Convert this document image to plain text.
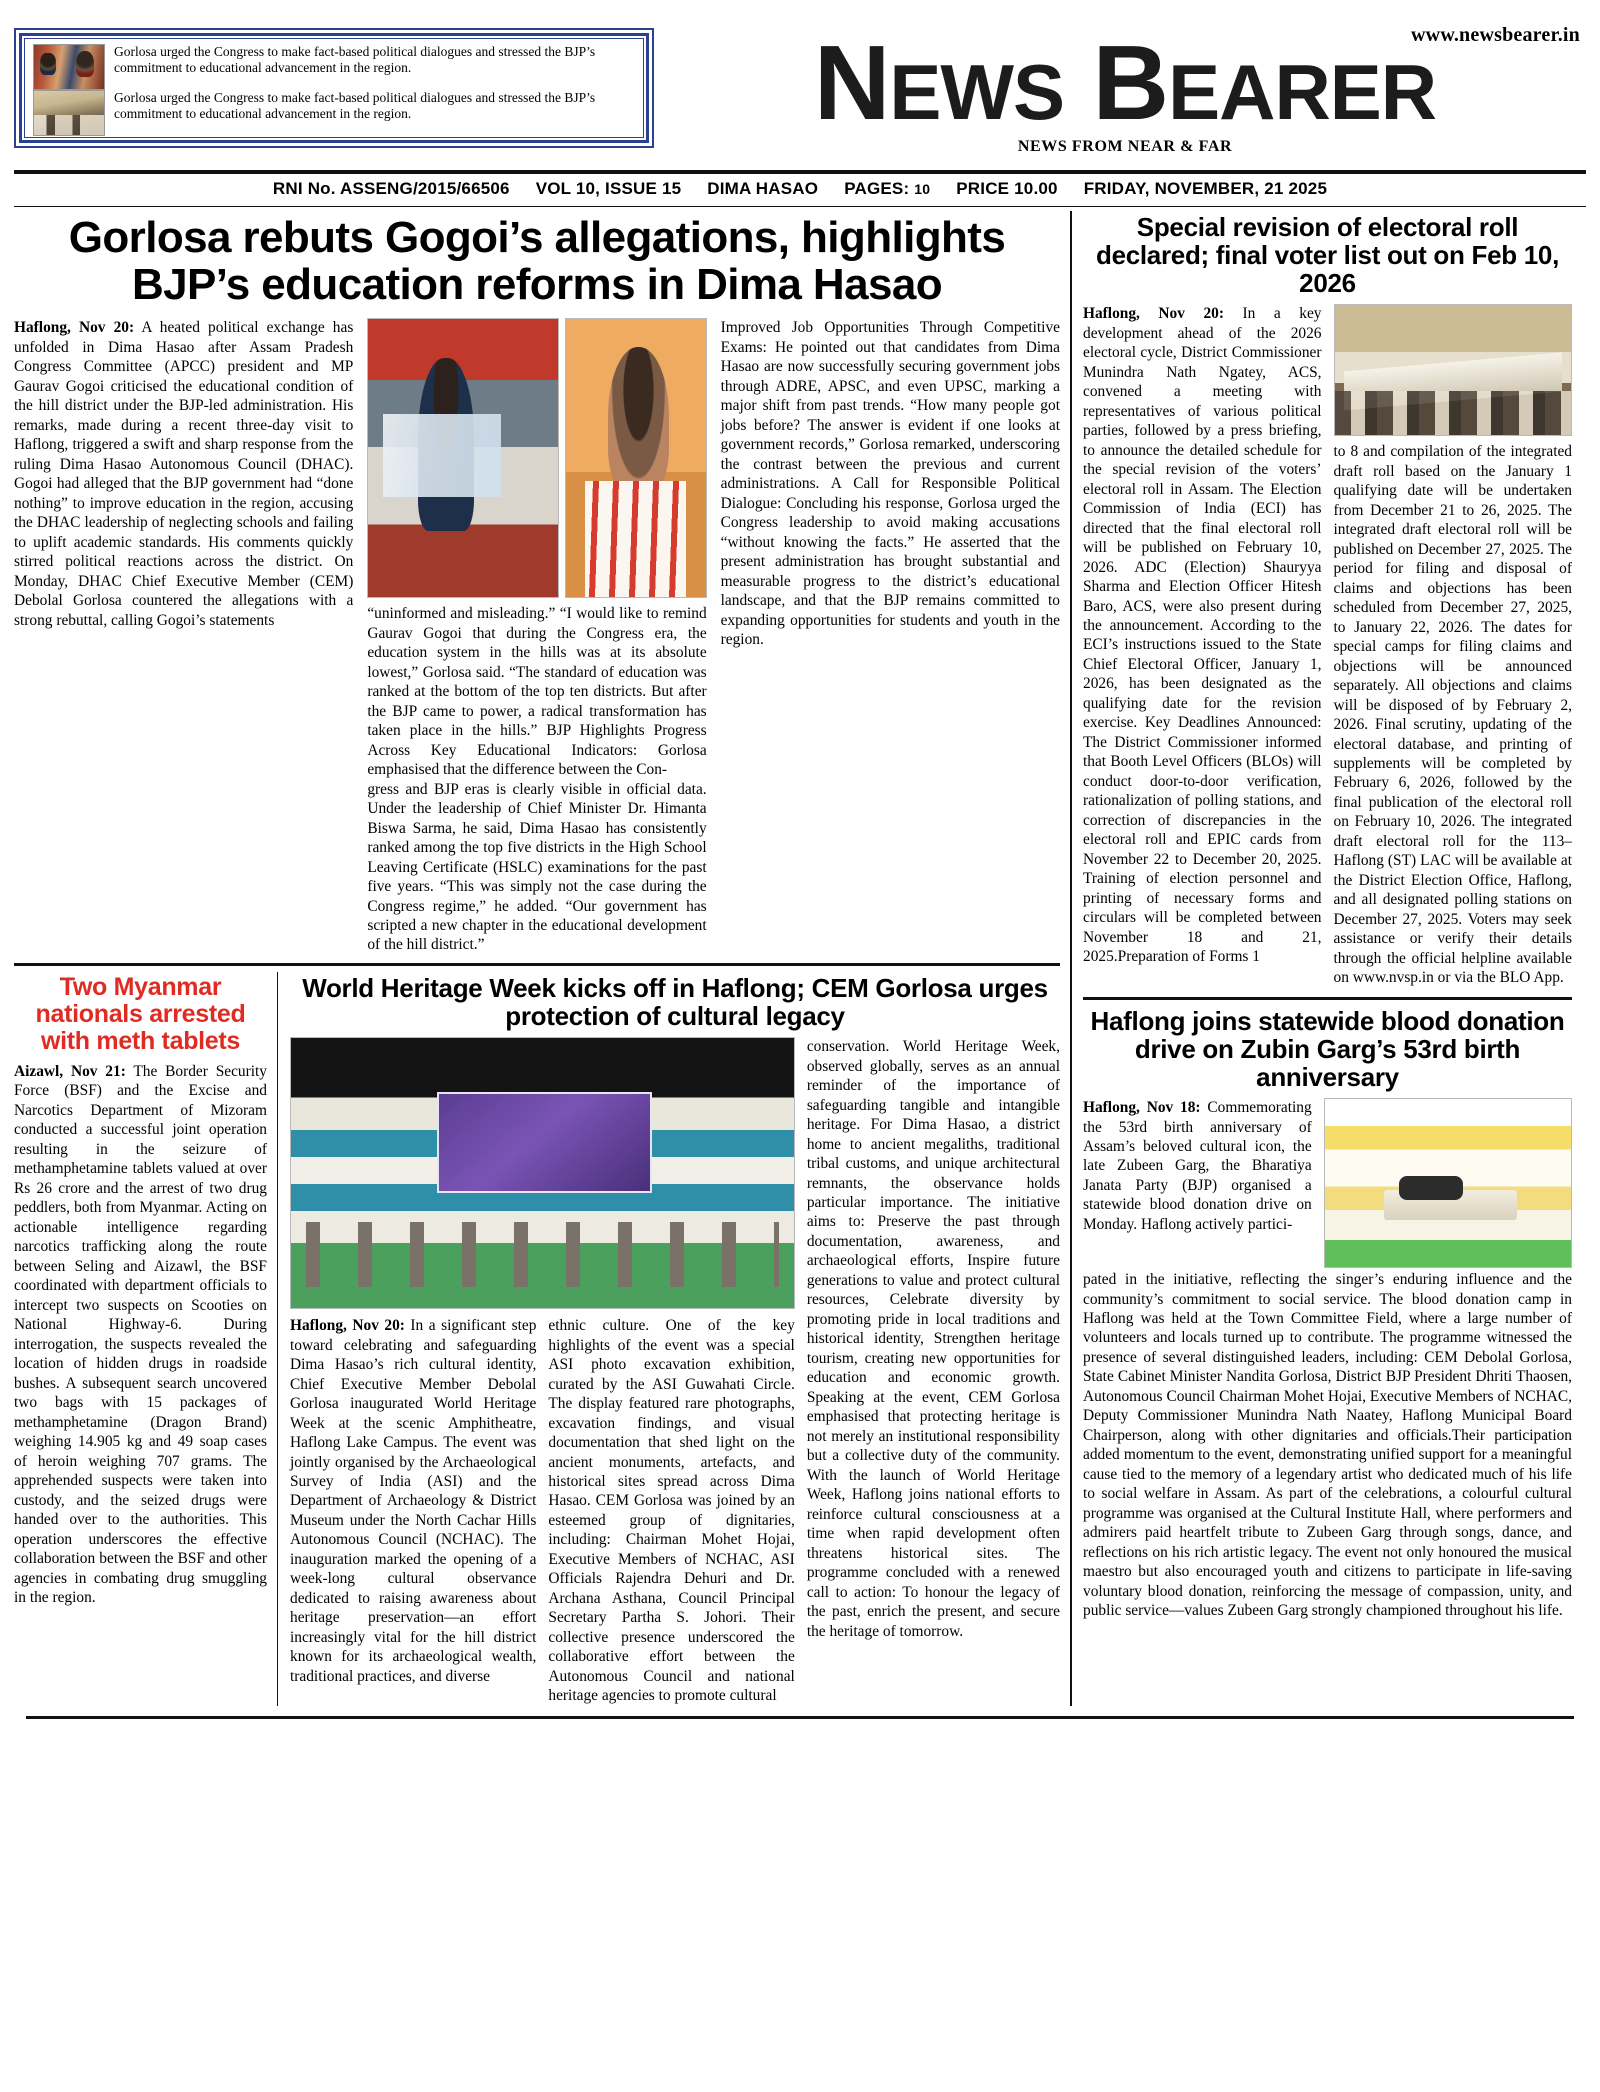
Gorlosa urged the Congress to make fact-based political dialogues and stressed the BJP’s commitment to educational advancement in the region.
Gorlosa urged the Congress to make fact-based political dialogues and stressed the BJP’s commitment to educational advancement in the region.
www.newsbearer.in
NEWS BEARER
NEWS FROM NEAR & FAR
RNI No. ASSENG/2015/66506 VOL 10, ISSUE 15 DIMA HASAO PAGES: 10 PRICE 10.00 FRIDAY, NOVEMBER, 21 2025
Gorlosa rebuts Gogoi’s allegations, highlights BJP’s education reforms in Dima Hasao

Haflong, Nov 20: A heated political exchange has unfolded in Dima Hasao after Assam Pradesh Congress Committee (APCC) president and MP Gaurav Gogoi criticised the educational condition of the hill district under the BJP-led administration. His remarks, made during a recent three-day visit to Haflong, triggered a swift and sharp response from the ruling Dima Hasao Autonomous Council (DHAC). Gogoi had alleged that the BJP government had “done nothing” to improve education in the region, accusing the DHAC leadership of neglecting schools and failing to uplift academic standards. His comments quickly stirred political reactions across the district. On Monday, DHAC Chief Executive Member (CEM) Debolal Gorlosa countered the allegations with a strong rebuttal, calling Gogoi’s statements	“uninformed and misleading.” “I would like to remind Gaurav Gogoi that during the Congress era, the education system in the hills was at its absolute lowest,” Gorlosa said. “The standard of education was ranked at the bottom of the top ten districts. But after the BJP came to power, a radical transformation has taken place in the hills.” BJP Highlights Progress Across Key Educational Indicators: Gorlosa emphasised that the difference between the Con-

gress and BJP eras is clearly visible in official data. Under the leadership of Chief Minister Dr. Himanta Biswa Sarma, he said, Dima Hasao has consistently ranked among the top five districts in the High School Leaving Certificate (HSLC) examinations for the past five years. “This was simply not the case during the Congress regime,” he added. “Our government has scripted a new chapter in the educational development of the hill district.”

Improved Job Opportunities Through Competitive Exams: He pointed out that candidates from Dima Hasao are now successfully securing government jobs through ADRE, APSC, and even UPSC, marking a major shift from past trends. “How many people got jobs before? The answer is evident if one looks at government records,” Gorlosa remarked, underscoring the contrast between the previous and current administrations. A Call for Responsible Political Dialogue: Concluding his response, Gorlosa urged the Congress leadership to avoid making accusations “without knowing the facts.” He asserted that the present administration has brought substantial and measurable progress to the district’s educational landscape, and that the BJP remains committed to expanding opportunities for students and youth in the region.

Two Myanmar nationals arrested with meth tablets

Aizawl, Nov 21: The Border Security Force (BSF) and the Excise and Narcotics Department of Mizoram conducted a successful joint operation resulting in the seizure of methamphetamine tablets valued at over Rs 26 crore and the arrest of two drug peddlers, both from Myanmar. Acting on actionable intelligence regarding narcotics trafficking along the route between Seling and Aizawl, the BSF coordinated with department officials to intercept two suspects on Scooties on National Highway-6. During interrogation, the suspects revealed the location of hidden drugs in roadside bushes. A subsequent search uncovered two bags with 15 packages of methamphetamine (Dragon Brand) weighing 14.905 kg and 49 soap cases of heroin weighing 707 grams. The apprehended suspects were taken into custody, and the seized drugs were handed over to the authorities. This operation underscores the effective collaboration between the BSF and other agencies in combating drug smuggling in the region.

World Heritage Week kicks off in Haflong; CEM Gorlosa urges protection of cultural legacy

Haflong, Nov 20: In a significant step toward celebrating and safeguarding Dima Hasao’s rich cultural identity, Chief Executive Member Debolal Gorlosa inaugurated World Heritage Week at the scenic Amphitheatre, Haflong Lake Campus. The event was jointly organised by the Archaeological Survey of India (ASI) and the Department of Archaeology & District Museum under the North Cachar Hills Autonomous Council (NCHAC). The inauguration marked the opening of a week-long cultural observance dedicated to raising awareness about heritage preservation—an effort increasingly vital for the hill district known for its archaeological wealth, traditional practices, and diverse

ethnic culture. One of the key highlights of the event was a special ASI photo excavation exhibition, curated by the ASI Guwahati Circle. The display featured rare photographs, excavation findings, and visual documentation that shed light on the ancient monuments, artefacts, and historical sites spread across Dima Hasao. CEM Gorlosa was joined by an esteemed group of dignitaries, including: Chairman Mohet Hojai, Executive Members of NCHAC, ASI Officials Rajendra Dehuri and Dr. Archana Asthana, Council Principal Secretary Partha S. Johori. Their collective presence underscored the collaborative effort between the Autonomous Council and national heritage agencies to promote cultural

conservation. World Heritage Week, observed globally, serves as an annual reminder of the importance of safeguarding tangible and intangible heritage. For Dima Hasao, a district home to ancient megaliths, traditional tribal customs, and unique architectural remnants, the observance holds particular importance. The initiative aims to: Preserve the past through documentation, awareness, and archaeological efforts, Inspire future generations to value and protect cultural resources, Celebrate diversity by promoting pride in local traditions and historical identity, Strengthen heritage tourism, creating new opportunities for education and economic growth. Speaking at the event, CEM Gorlosa emphasised that protecting heritage is not merely an institutional responsibility but a collective duty of the community. With the launch of World Heritage Week, Haflong joins national efforts to reinforce cultural consciousness at a time when rapid development often threatens historical sites. The programme concluded with a renewed call to action: To honour the legacy of the past, enrich the present, and secure the heritage of tomorrow.

Special revision of electoral roll declared; final voter list out on Feb 10, 2026

Haflong, Nov 20: In a key development ahead of the 2026 electoral cycle, District Commissioner Munindra Nath Ngatey, ACS, convened a meeting with representatives of various political parties, followed by a press briefing, to announce the detailed schedule for the special revision of the voters’ electoral roll in Assam. The Election Commission of India (ECI) has directed that the final electoral roll will be published on February 10, 2026. ADC (Election) Shauryya Sharma and Election Officer Hitesh Baro, ACS, were also present during the announcement. According to the ECI’s instructions issued to the State Chief Electoral Officer, January 1, 2026, has been designated as the qualifying date for the revision exercise. Key Deadlines Announced: The District Commissioner informed that Booth Level Officers (BLOs) will conduct door-to-door verification, rationalization of polling stations, and correction of discrepancies in the electoral roll and EPIC cards from November 22 to December 20, 2025. Training of election personnel and printing of necessary forms and circulars will be completed between November 18 and 21, 2025.Preparation of Forms 1

to 8 and compilation of the integrated draft roll based on the January 1 qualifying date will be undertaken from December 21 to 26, 2025. The integrated draft electoral roll will be published on December 27, 2025. The period for filing and disposal of claims and objections has been scheduled from December 27, 2025, to January 22, 2026. The dates for special camps for filing claims and objections will be announced separately. All objections and claims will be disposed of by February 2, 2026. Final scrutiny, updating of the electoral database, and printing of supplements will be completed by February 6, 2026, followed by the final publication of the electoral roll on February 10, 2026. The integrated draft electoral roll for the 113–Haflong (ST) LAC will be available at the District Election Office, Haflong, and all designated polling stations on December 27, 2025. Voters may seek assistance or verify their details through the official helpline available on www.nvsp.in or via the BLO App.

Haflong joins statewide blood donation drive on Zubin Garg’s 53rd birth anniversary

Haflong, Nov 18: Commemorating the 53rd birth anniversary of Assam’s beloved cultural icon, the late Zubeen Garg, the Bharatiya Janata Party (BJP) organised a statewide blood donation drive on Monday. Haflong actively partici-

pated in the initiative, reflecting the singer’s enduring influence and the community’s commitment to social service. The blood donation camp in Haflong was held at the Town Committee Field, where a large number of volunteers and locals turned up to contribute. The programme witnessed the presence of several distinguished leaders, including: CEM Debolal Gorlosa, State Cabinet Minister Nandita Gorlosa, District BJP President Dhriti Thaosen, Autonomous Council Chairman Mohet Hojai, Executive Members of NCHAC, Deputy Commissioner Munindra Nath Naatey, Haflong Municipal Board Chairperson, along with other dignitaries and officials.Their participation added momentum to the event, demonstrating unified support for a meaningful cause tied to the memory of a legendary artist who dedicated much of his life to social welfare in Assam. As part of the celebrations, a colourful cultural programme was organised at the Cultural Institute Hall, where performers and admirers paid heartfelt tribute to Zubeen Garg through songs, dance, and reflections on his rich artistic legacy. The event not only honoured the musical maestro but also encouraged youth and citizens to participate in life-saving voluntary blood donation, reinforcing the message of compassion, unity, and public service—values Zubeen Garg strongly championed throughout his life.
